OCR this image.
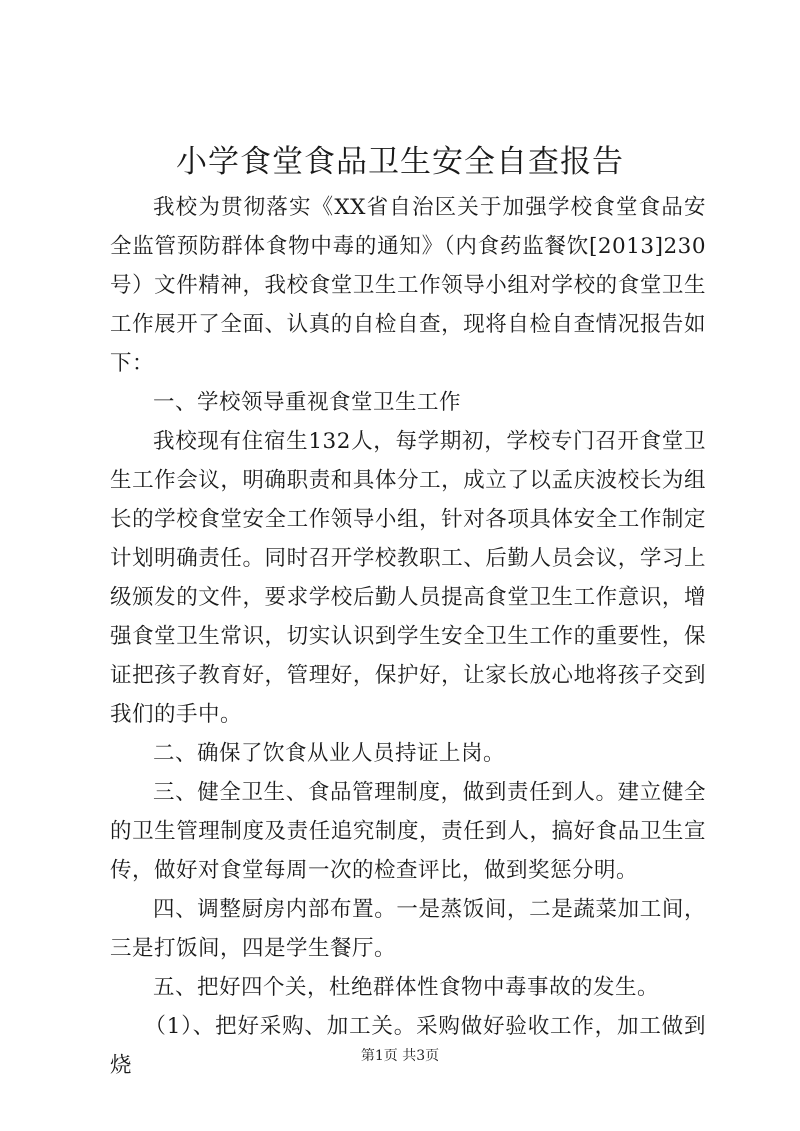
小学食堂食品卫生安全自查报告

我校为贯彻落实《XX省自治区关于加强学校食堂食品安全监管预防群体食物中毒的通知》（内食药监餐饮[2013]230号）文件精神，我校食堂卫生工作领导小组对学校的食堂卫生工作展开了全面、认真的自检自查，现将自检自查情况报告如下：

一、学校领导重视食堂卫生工作

我校现有住宿生132人，每学期初，学校专门召开食堂卫生工作会议，明确职责和具体分工，成立了以孟庆波校长为组长的学校食堂安全工作领导小组，针对各项具体安全工作制定计划明确责任。同时召开学校教职工、后勤人员会议，学习上级颁发的文件，要求学校后勤人员提高食堂卫生工作意识，增强食堂卫生常识，切实认识到学生安全卫生工作的重要性，保证把孩子教育好，管理好，保护好，让家长放心地将孩子交到我们的手中。

二、确保了饮食从业人员持证上岗。

三、健全卫生、食品管理制度，做到责任到人。建立健全的卫生管理制度及责任追究制度，责任到人，搞好食品卫生宣传，做好对食堂每周一次的检查评比，做到奖惩分明。

四、调整厨房内部布置。一是蒸饭间，二是蔬菜加工间，三是打饭间，四是学生餐厅。

五、把好四个关，杜绝群体性食物中毒事故的发生。

（1）、把好采购、加工关。采购做好验收工作，加工做到烧	第1页 共3页
